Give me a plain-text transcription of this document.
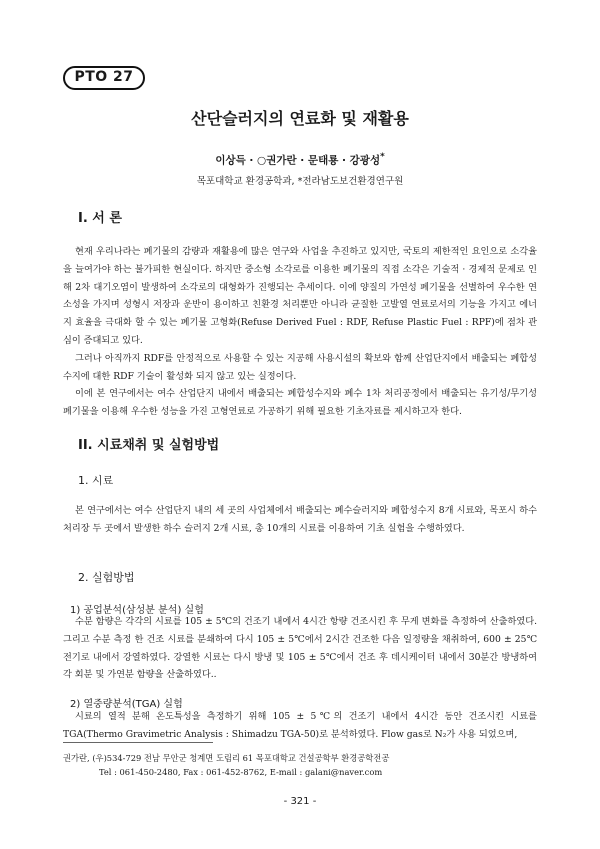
PTO 27
산단슬러지의 연료화 및 재활용
이상득 · ○권가란 · 문태룡 · 강광성*
목포대학교 환경공학과, *전라남도보건환경연구원
I. 서 론

현재 우리나라는 폐기물의 감량과 재활용에 많은 연구와 사업을 추진하고 있지만, 국토의 제한적인 요인으로 소각율을 늘여가야 하는 불가피한 현실이다. 하지만 중소형 소각로를 이용한 폐기물의 직접 소각은 기술적 · 경제적 문제로 인해 2차 대기오염이 발생하여 소각로의 대형화가 진행되는 추세이다. 이에 양질의 가연성 폐기물을 선별하여 우수한 연소성을 가지며 성형시 저장과 운반이 용이하고 친환경 처리뿐만 아니라 균질한 고발열 연료로서의 기능을 가지고 에너지 효율을 극대화 할 수 있는 폐기물 고형화(Refuse Derived Fuel : RDF, Refuse Plastic Fuel : RPF)에 점차 관심이 증대되고 있다.

그러나 아직까지 RDF를 안정적으로 사용할 수 있는 지공해 사용시설의 확보와 함께 산업단지에서 배출되는 폐합성수지에 대한 RDF 기술이 활성화 되지 않고 있는 실정이다.

이에 본 연구에서는 여수 산업단지 내에서 배출되는 폐합성수지와 폐수 1차 처리공정에서 배출되는 유기성/무기성 폐기물을 이용해 우수한 성능을 가진 고형연료로 가공하기 위해 필요한 기초자료를 제시하고자 한다.

II. 시료채취 및 실험방법
1. 시료

본 연구에서는 여수 산업단지 내의 세 곳의 사업체에서 배출되는 폐수슬러지와 폐합성수지 8개 시료와, 목포시 하수처리장 두 곳에서 발생한 하수 슬러지 2개 시료, 총 10개의 시료를 이용하여 기초 실험을 수행하였다.

2. 실험방법
1) 공업분석(삼성분 분석) 실험

수분 함량은 각각의 시료를 105 ± 5℃의 건조기 내에서 4시간 항량 건조시킨 후 무게 변화를 측정하여 산출하였다. 그리고 수분 측정 한 건조 시료를 분쇄하여 다시 105 ± 5℃에서 2시간 건조한 다음 일정량을 채취하여, 600 ± 25℃ 전기로 내에서 강열하였다. 강열한 시료는 다시 방냉 및 105 ± 5℃에서 건조 후 데시케이터 내에서 30분간 방냉하여 각 회분 및 가연분 함량을 산출하였다..

2) 열중량분석(TGA) 실험

시료의 열적 분해 온도특성을 측정하기 위해 105 ± 5℃의 건조기 내에서 4시간 동안 건조시킨 시료를 TGA(Thermo Gravimetric Analysis : Shimadzu TGA-50)로 분석하였다. Flow gas로 N₂가 사용 되었으며,

권가란, (우)534-729 전남 무안군 청계면 도림리 61 목포대학교 건설공학부 환경공학전공
Tel : 061-450-2480, Fax : 061-452-8762, E-mail : galani@naver.com
- 321 -
